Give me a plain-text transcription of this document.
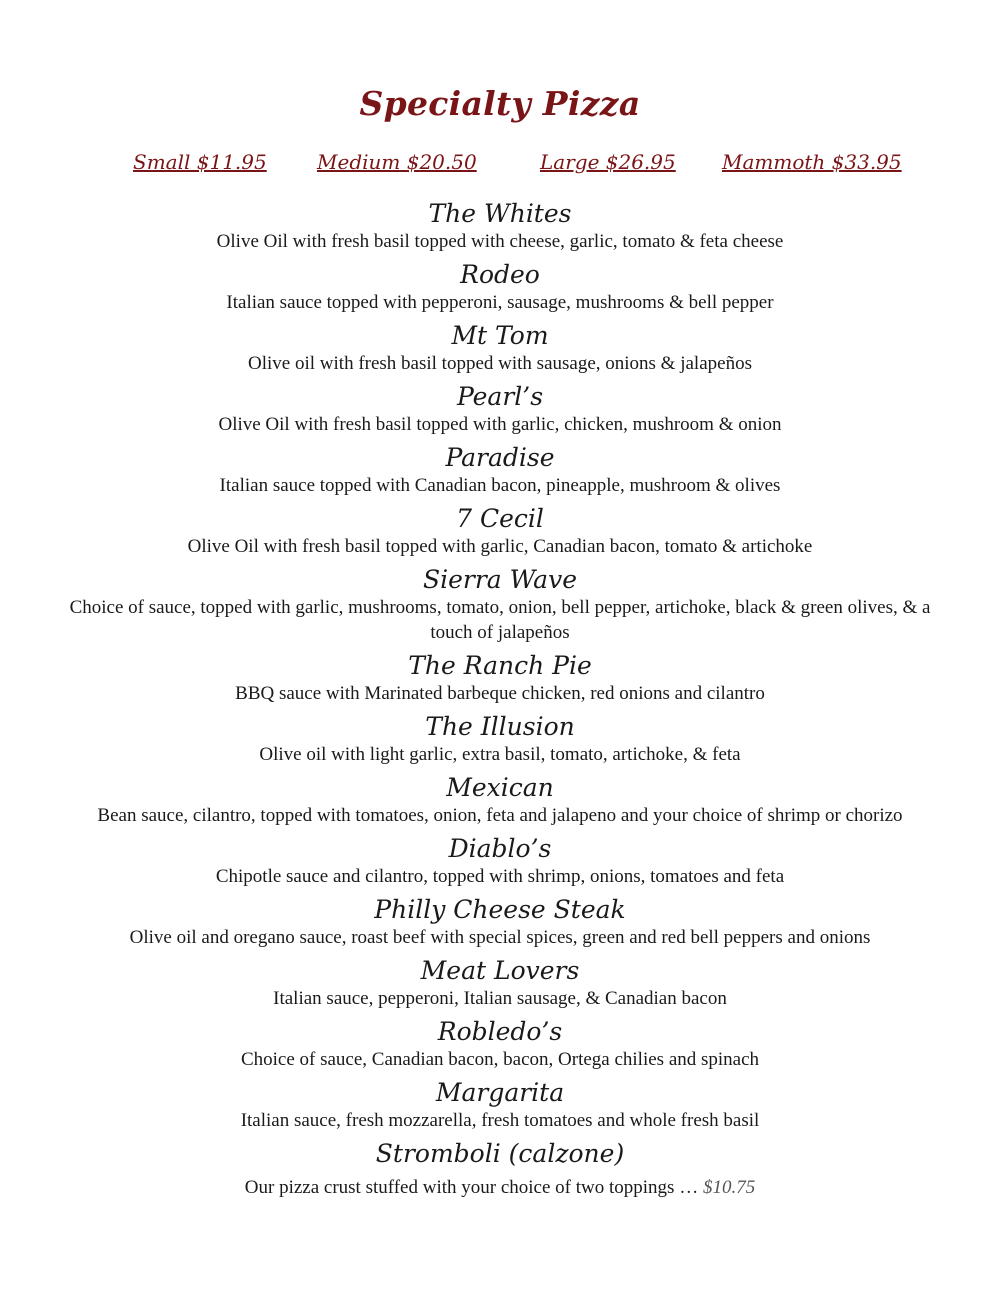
Specialty Pizza
Small $11.95	Medium $20.50	Large $26.95 Mammoth $33.95
The Whites
Olive Oil with fresh basil topped with cheese, garlic, tomato & feta cheese
Rodeo
Italian sauce topped with pepperoni, sausage, mushrooms & bell pepper
Mt Tom
Olive oil with fresh basil topped with sausage, onions & jalapeños
Pearl’s
Olive Oil with fresh basil topped with garlic, chicken, mushroom & onion
Paradise
Italian sauce topped with Canadian bacon, pineapple, mushroom & olives
7 Cecil
Olive Oil with fresh basil topped with garlic, Canadian bacon, tomato & artichoke
Sierra Wave
Choice of sauce, topped with garlic, mushrooms, tomato, onion, bell pepper, artichoke, black & green olives, & a touch of jalapeños
The Ranch Pie
BBQ sauce with Marinated barbeque chicken, red onions and cilantro
The Illusion
Olive oil with light garlic, extra basil, tomato, artichoke, & feta
Mexican
Bean sauce, cilantro, topped with tomatoes, onion, feta and jalapeno and your choice of shrimp or chorizo
Diablo’s
Chipotle sauce and cilantro, topped with shrimp, onions, tomatoes and feta
Philly Cheese Steak
Olive oil and oregano sauce, roast beef with special spices, green and red bell peppers and onions
Meat Lovers
Italian sauce, pepperoni, Italian sausage, & Canadian bacon
Robledo’s
Choice of sauce, Canadian bacon, bacon, Ortega chilies and spinach
Margarita
Italian sauce, fresh mozzarella, fresh tomatoes and whole fresh basil
Stromboli (calzone)
Our pizza crust stuffed with your choice of two toppings … $10.75
